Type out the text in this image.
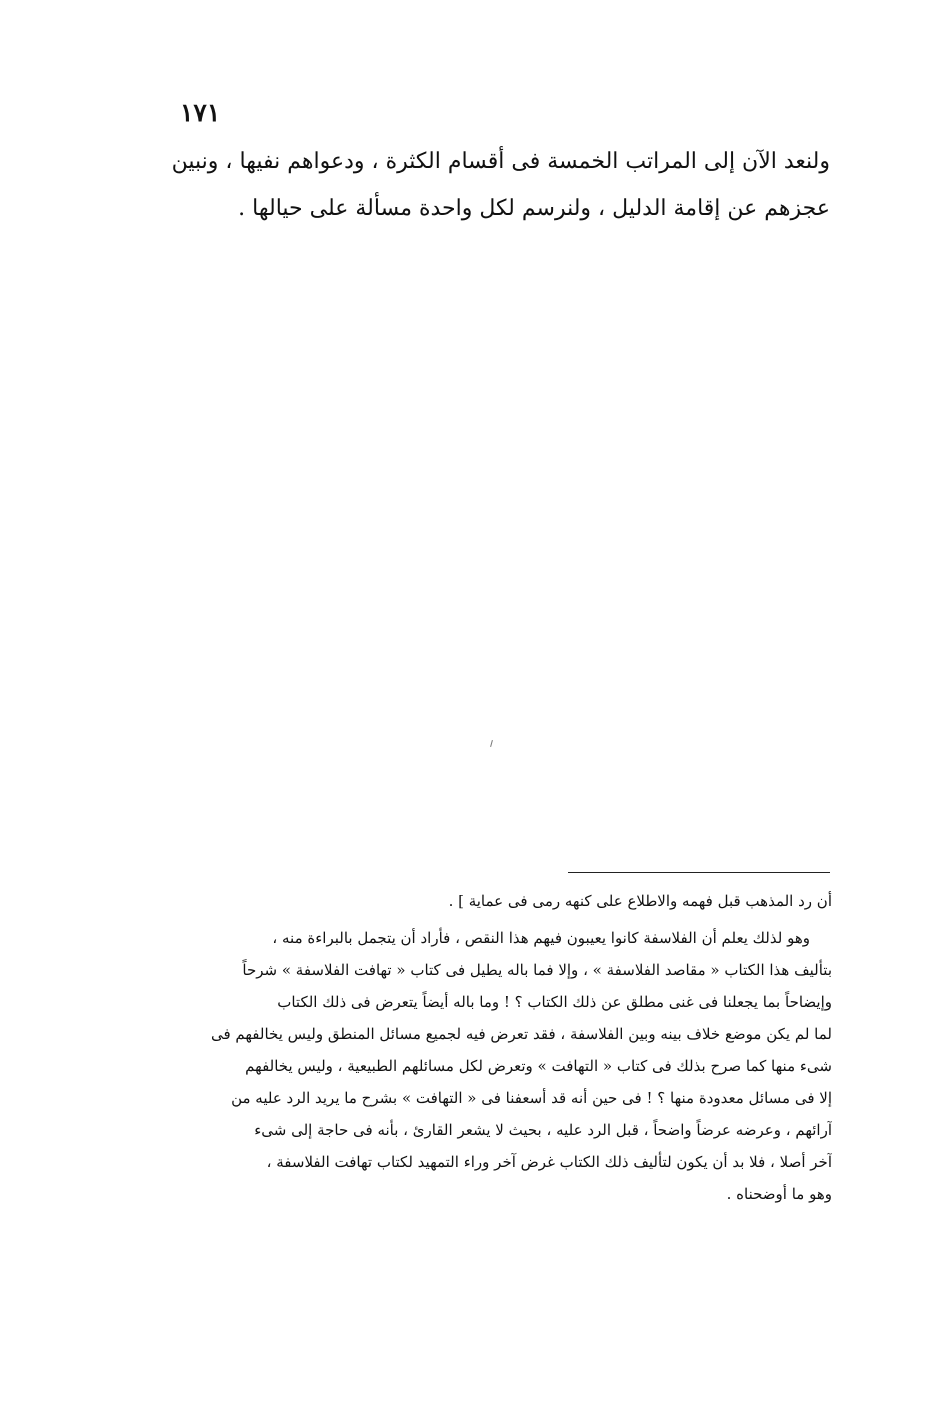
١٧١
ولنعد الآن إلى المراتب الخمسة فى أقسام الكثرة ، ودعواهم نفيها ، ونبين
عجزهم عن إقامة الدليل ، ولنرسم لكل واحدة مسألة على حيالها .
أن رد المذهب قبل فهمه والاطلاع على كنهه رمى فى عماية ] .
وهو لذلك يعلم أن الفلاسفة كانوا يعيبون فيهم هذا النقص ، فأراد أن يتجمل بالبراءة منه ،
بتأليف هذا الكتاب « مقاصد الفلاسفة » ، وإلا فما باله يطيل فى كتاب « تهافت الفلاسفة » شرحاً
وإيضاحاً بما يجعلنا فى غنى مطلق عن ذلك الكتاب ؟ ! وما باله أيضاً يتعرض فى ذلك الكتاب
لما لم يكن موضع خلاف بينه وبين الفلاسفة ، فقد تعرض فيه لجميع مسائل المنطق وليس يخالفهم فى
شىء منها كما صرح بذلك فى كتاب « التهافت » وتعرض لكل مسائلهم الطبيعية ، وليس يخالفهم
إلا فى مسائل معدودة منها ؟ ! فى حين أنه قد أسعفنا فى « التهافت » بشرح ما يريد الرد عليه من
آرائهم ، وعرضه عرضاً واضحاً ، قبل الرد عليه ، بحيث لا يشعر القارئ ، بأنه فى حاجة إلى شىء
آخر أصلا ، فلا بد أن يكون لتأليف ذلك الكتاب غرض آخر وراء التمهيد لكتاب تهافت الفلاسفة ،
وهو ما أوضحناه .
